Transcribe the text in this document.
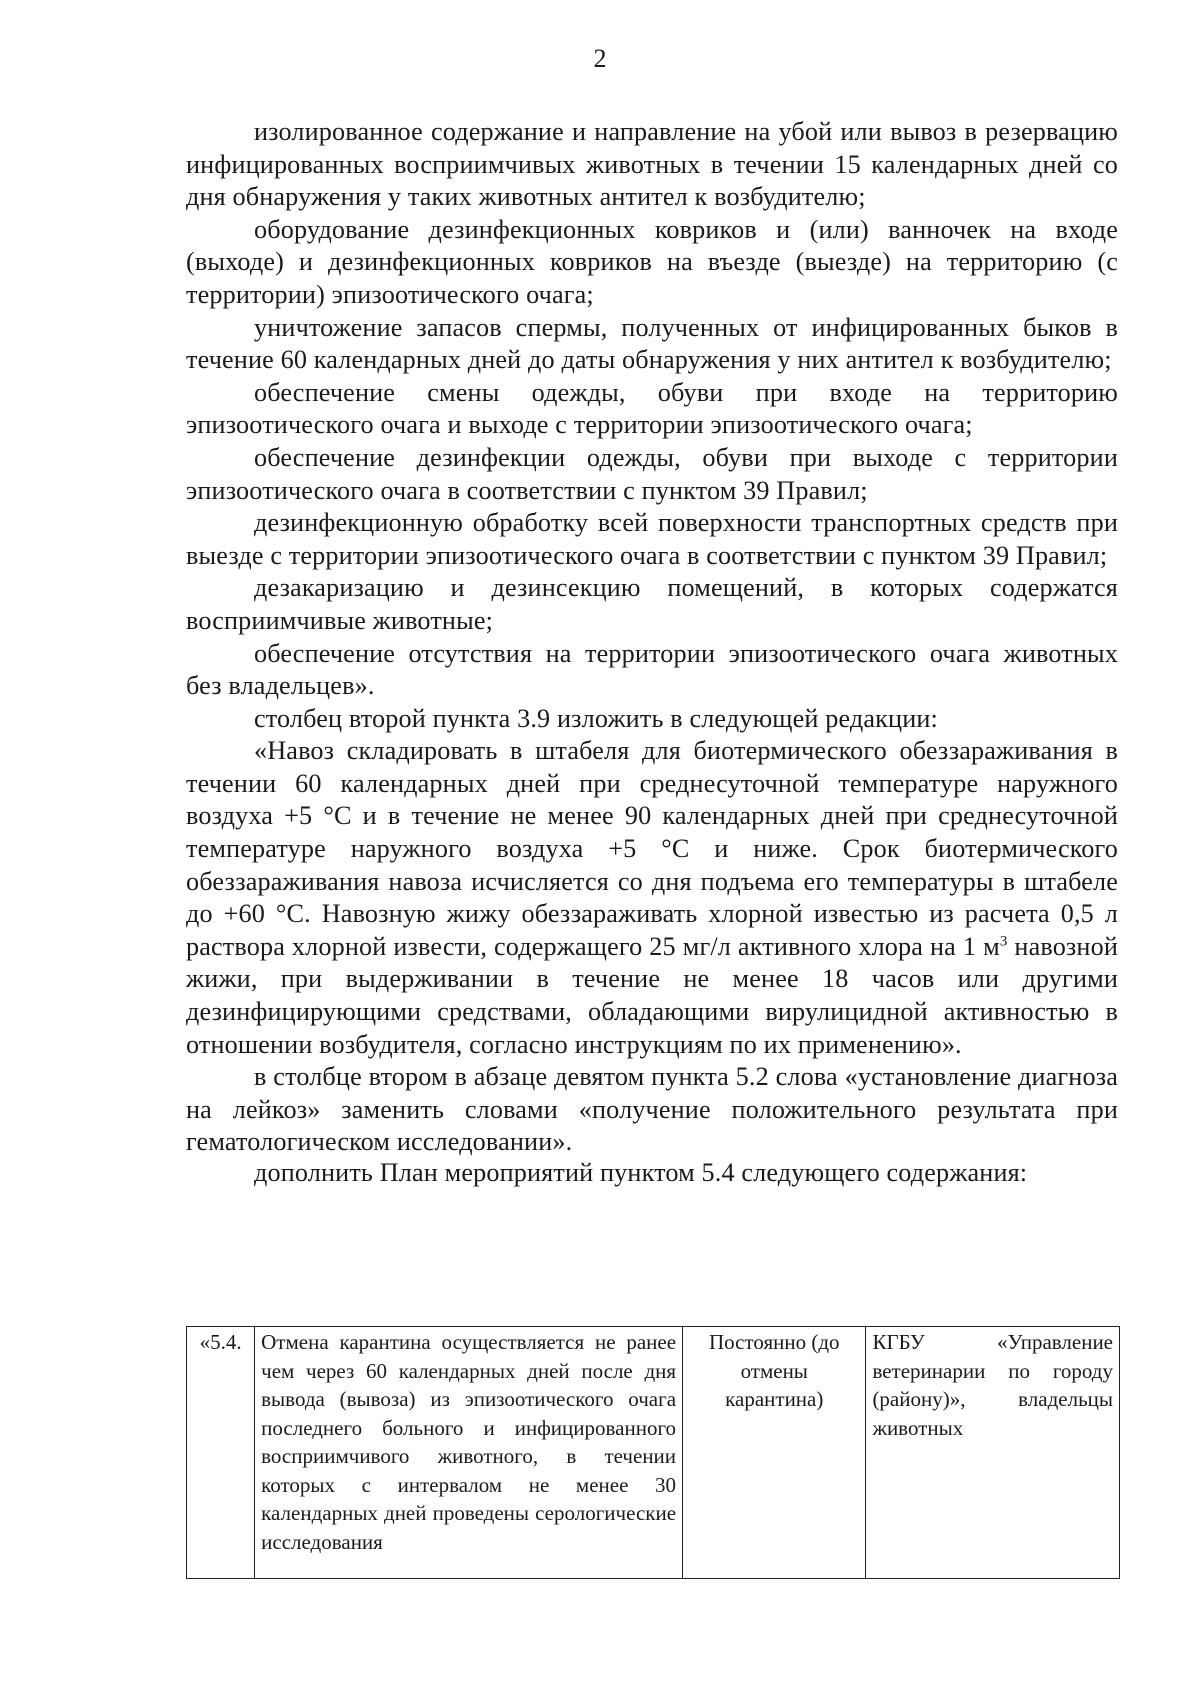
2

изолированное содержание и направление на убой или вывоз в резервацию инфицированных восприимчивых животных в течении 15 календарных дней со дня обнаружения у таких животных антител к возбудителю;

оборудование дезинфекционных ковриков и (или) ванночек на входе (выходе) и дезинфекционных ковриков на въезде (выезде) на территорию (с территории) эпизоотического очага;

уничтожение запасов спермы, полученных от инфицированных быков в течение 60 календарных дней до даты обнаружения у них антител к возбудителю;

обеспечение смены одежды, обуви при входе на территорию эпизоотического очага и выходе с территории эпизоотического очага;

обеспечение дезинфекции одежды, обуви при выходе с территории эпизоотического очага в соответствии с пунктом 39 Правил;

дезинфекционную обработку всей поверхности транспортных средств при выезде с территории эпизоотического очага в соответствии с пунктом 39 Правил;

дезакаризацию и дезинсекцию помещений, в которых содержатся восприимчивые животные;

обеспечение отсутствия на территории эпизоотического очага животных без владельцев».

столбец второй пункта 3.9 изложить в следующей редакции:

«Навоз складировать в штабеля для биотермического обеззараживания в течении 60 календарных дней при среднесуточной температуре наружного воздуха +5 °С и в течение не менее 90 календарных дней при среднесуточной температуре наружного воздуха +5 °С и ниже. Срок биотермического обеззараживания навоза исчисляется со дня подъема его температуры в штабеле до +60 °С. Навозную жижу обеззараживать хлорной известью из расчета 0,5 л раствора хлорной извести, содержащего 25 мг/л активного хлора на 1 $м^3$ навозной жижи, при выдерживании в течение не менее 18 часов или другими дезинфицирующими средствами, обладающими вирулицидной активностью в отношении возбудителя, согласно инструкциям по их применению».

в столбце втором в абзаце девятом пункта 5.2 слова «установление диагноза на лейкоз» заменить словами «получение положительного результата при гематологическом исследовании».

дополнить План мероприятий пунктом 5.4 следующего содержания:

«5.4.	Отмена карантина осуществляется не ранее чем через 60 календарных дней после дня вывода (вывоза) из эпизоотического очага последнего больного и инфицированного восприимчивого животного, в течении которых с интервалом не менее 30 календарных дней проведены серологические исследования	Постоянно (до отмены карантина)	КГБУ «Управление ветеринарии по городу (району)», владельцы животных
